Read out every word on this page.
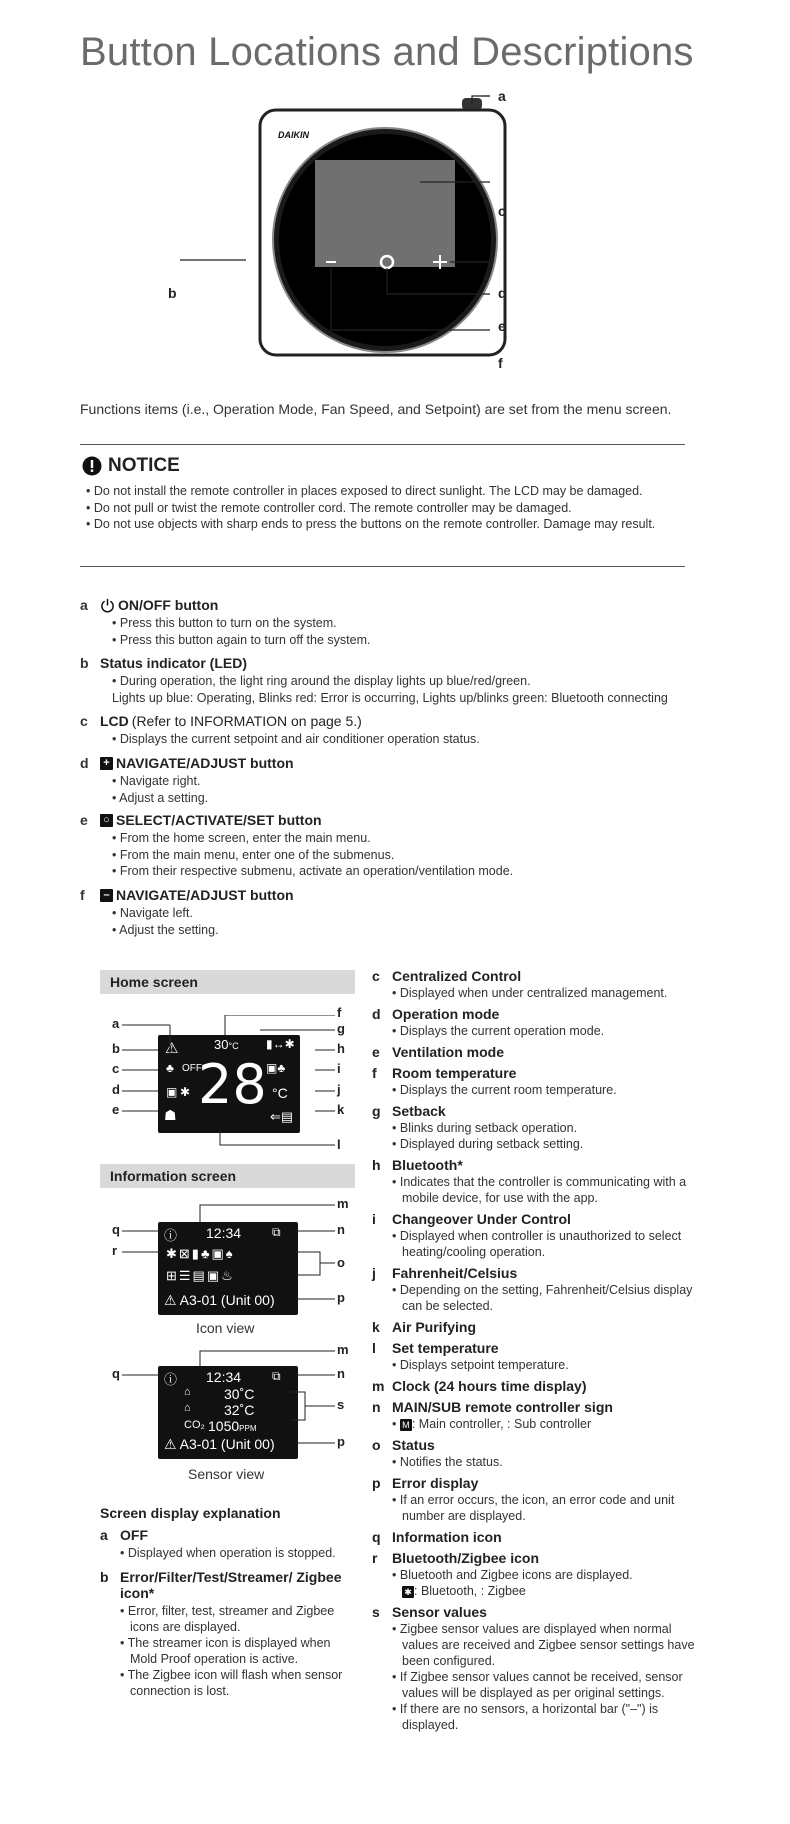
Button Locations and Descriptions
DAIKIN
a
c
b	d
e
f
Functions items (i.e., Operation Mode, Fan Speed, and Setpoint) are set from the menu screen.
NOTICE
• Do not install the remote controller in places exposed to direct sunlight. The LCD may be damaged.
• Do not pull or twist the remote controller cord. The remote controller may be damaged.
• Do not use objects with sharp ends to press the buttons on the remote controller. Damage may result.
a ON/OFF button
• Press this button to turn on the system.
• Press this button again to turn off the system.
b Status indicator (LED)
• During operation, the light ring around the display lights up blue/red/green.
Lights up blue: Operating, Blinks red: Error is occurring, Lights up/blinks green: Bluetooth connecting
c LCD (Refer to INFORMATION on page 5.)
• Displays the current setpoint and air conditioner operation status.
d + NAVIGATE/ADJUST button
• Navigate right.
• Adjust a setting.
e ○ SELECT/ACTIVATE/SET button
• From the home screen, enter the main menu.
• From the main menu, enter one of the submenus.
• From their respective submenu, activate an operation/ventilation mode.
f	– NAVIGATE/ADJUST button
• Navigate left.
• Adjust the setting.
Home screen
30°C
⚠
♣ OFF
▣ ✱
☗ 28
▮↔✱
▣♣
°C
⇐▤
a
b
c
d
e
f
g
h
i
j
k
l
Information screen
ⓘ 12:34	⧉
✱⊠▮♣▣♠
⊞☰▤▣♨
⚠ A3-01 (Unit 00)
Icon view
ⓘ 12:34	⧉
⌂ 30˚C
⌂ 32˚C
CO₂ 1050PPM
⚠ A3-01 (Unit 00)
Sensor view
m
q	n
r
o
p
m
q	n
s
p
Screen display explanation
a OFF
• Displayed when operation is stopped.
b Error/Filter/Test/Streamer/ Zigbee icon*
• Error, filter, test, streamer and Zigbee icons are displayed.
• The streamer icon is displayed when Mold Proof operation is active.
• The Zigbee icon will flash when sensor connection is lost.
c Centralized Control
• Displayed when under centralized management.
d Operation mode
• Displays the current operation mode.
e Ventilation mode
f Room temperature
• Displays the current room temperature.
g Setback
• Blinks during setback operation.
• Displayed during setback setting.
h Bluetooth*
• Indicates that the controller is communicating with a mobile device, for use with the app.
i Changeover Under Control
• Displayed when controller is unauthorized to select heating/cooling operation.
j Fahrenheit/Celsius
• Depending on the setting, Fahrenheit/Celsius display can be selected.
k Air Purifying
l Set temperature
• Displays setpoint temperature.
m Clock (24 hours time display)
n MAIN/SUB remote controller sign
• M : Main controller, : Sub controller
o Status
• Notifies the status.
p Error display
• If an error occurs, the icon, an error code and unit number are displayed.
q Information icon
r Bluetooth/Zigbee icon
• Bluetooth and Zigbee icons are displayed.
✱ : Bluetooth, : Zigbee
s Sensor values
• Zigbee sensor values are displayed when normal values are received and Zigbee sensor settings have been configured.
• If Zigbee sensor values cannot be received, sensor values will be displayed as per original settings.
• If there are no sensors, a horizontal bar ("–") is displayed.
